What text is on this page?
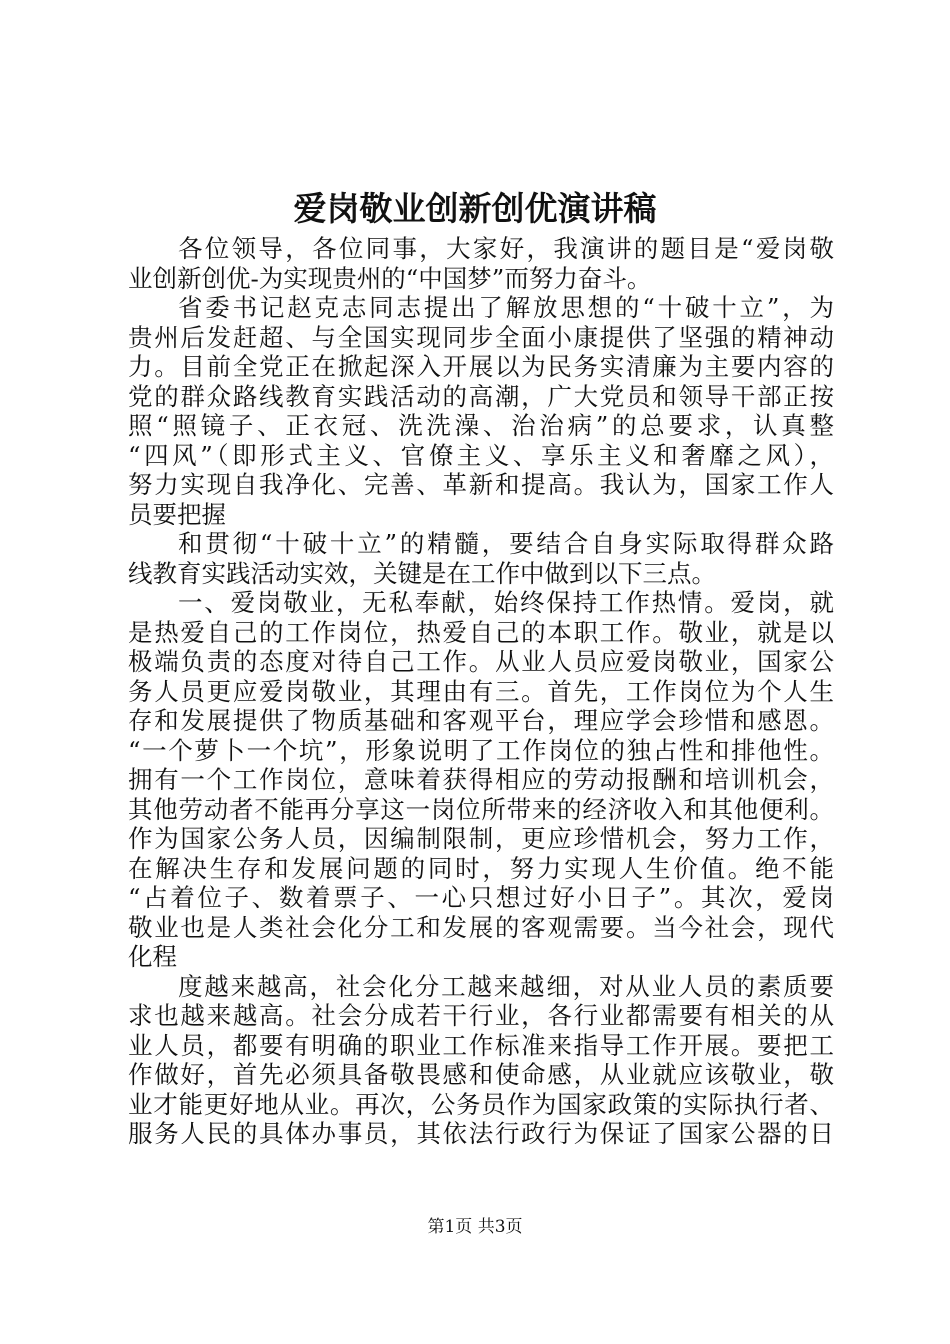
爱岗敬业创新创优演讲稿
各位领导，各位同事，大家好，我演讲的题目是“爱岗敬
业创新创优-为实现贵州的“中国梦”而努力奋斗。
省委书记赵克志同志提出了解放思想的“十破十立”，为
贵州后发赶超、与全国实现同步全面小康提供了坚强的精神动
力。目前全党正在掀起深入开展以为民务实清廉为主要内容的
党的群众路线教育实践活动的高潮，广大党员和领导干部正按
照“照镜子、正衣冠、洗洗澡、治治病”的总要求，认真整
“四风”（即形式主义、官僚主义、享乐主义和奢靡之风），
努力实现自我净化、完善、革新和提高。我认为，国家工作人
员要把握
和贯彻“十破十立”的精髓，要结合自身实际取得群众路
线教育实践活动实效，关键是在工作中做到以下三点。
一、爱岗敬业，无私奉献，始终保持工作热情。爱岗，就
是热爱自己的工作岗位，热爱自己的本职工作。敬业，就是以
极端负责的态度对待自己工作。从业人员应爱岗敬业，国家公
务人员更应爱岗敬业，其理由有三。首先，工作岗位为个人生
存和发展提供了物质基础和客观平台，理应学会珍惜和感恩。
“一个萝卜一个坑”，形象说明了工作岗位的独占性和排他性。
拥有一个工作岗位，意味着获得相应的劳动报酬和培训机会，
其他劳动者不能再分享这一岗位所带来的经济收入和其他便利。
作为国家公务人员，因编制限制，更应珍惜机会，努力工作，
在解决生存和发展问题的同时，努力实现人生价值。绝不能
“占着位子、数着票子、一心只想过好小日子”。其次，爱岗
敬业也是人类社会化分工和发展的客观需要。当今社会，现代
化程
度越来越高，社会化分工越来越细，对从业人员的素质要
求也越来越高。社会分成若干行业，各行业都需要有相关的从
业人员，都要有明确的职业工作标准来指导工作开展。要把工
作做好，首先必须具备敬畏感和使命感，从业就应该敬业，敬
业才能更好地从业。再次，公务员作为国家政策的实际执行者、
服务人民的具体办事员，其依法行政行为保证了国家公器的日
第1页 共3页
